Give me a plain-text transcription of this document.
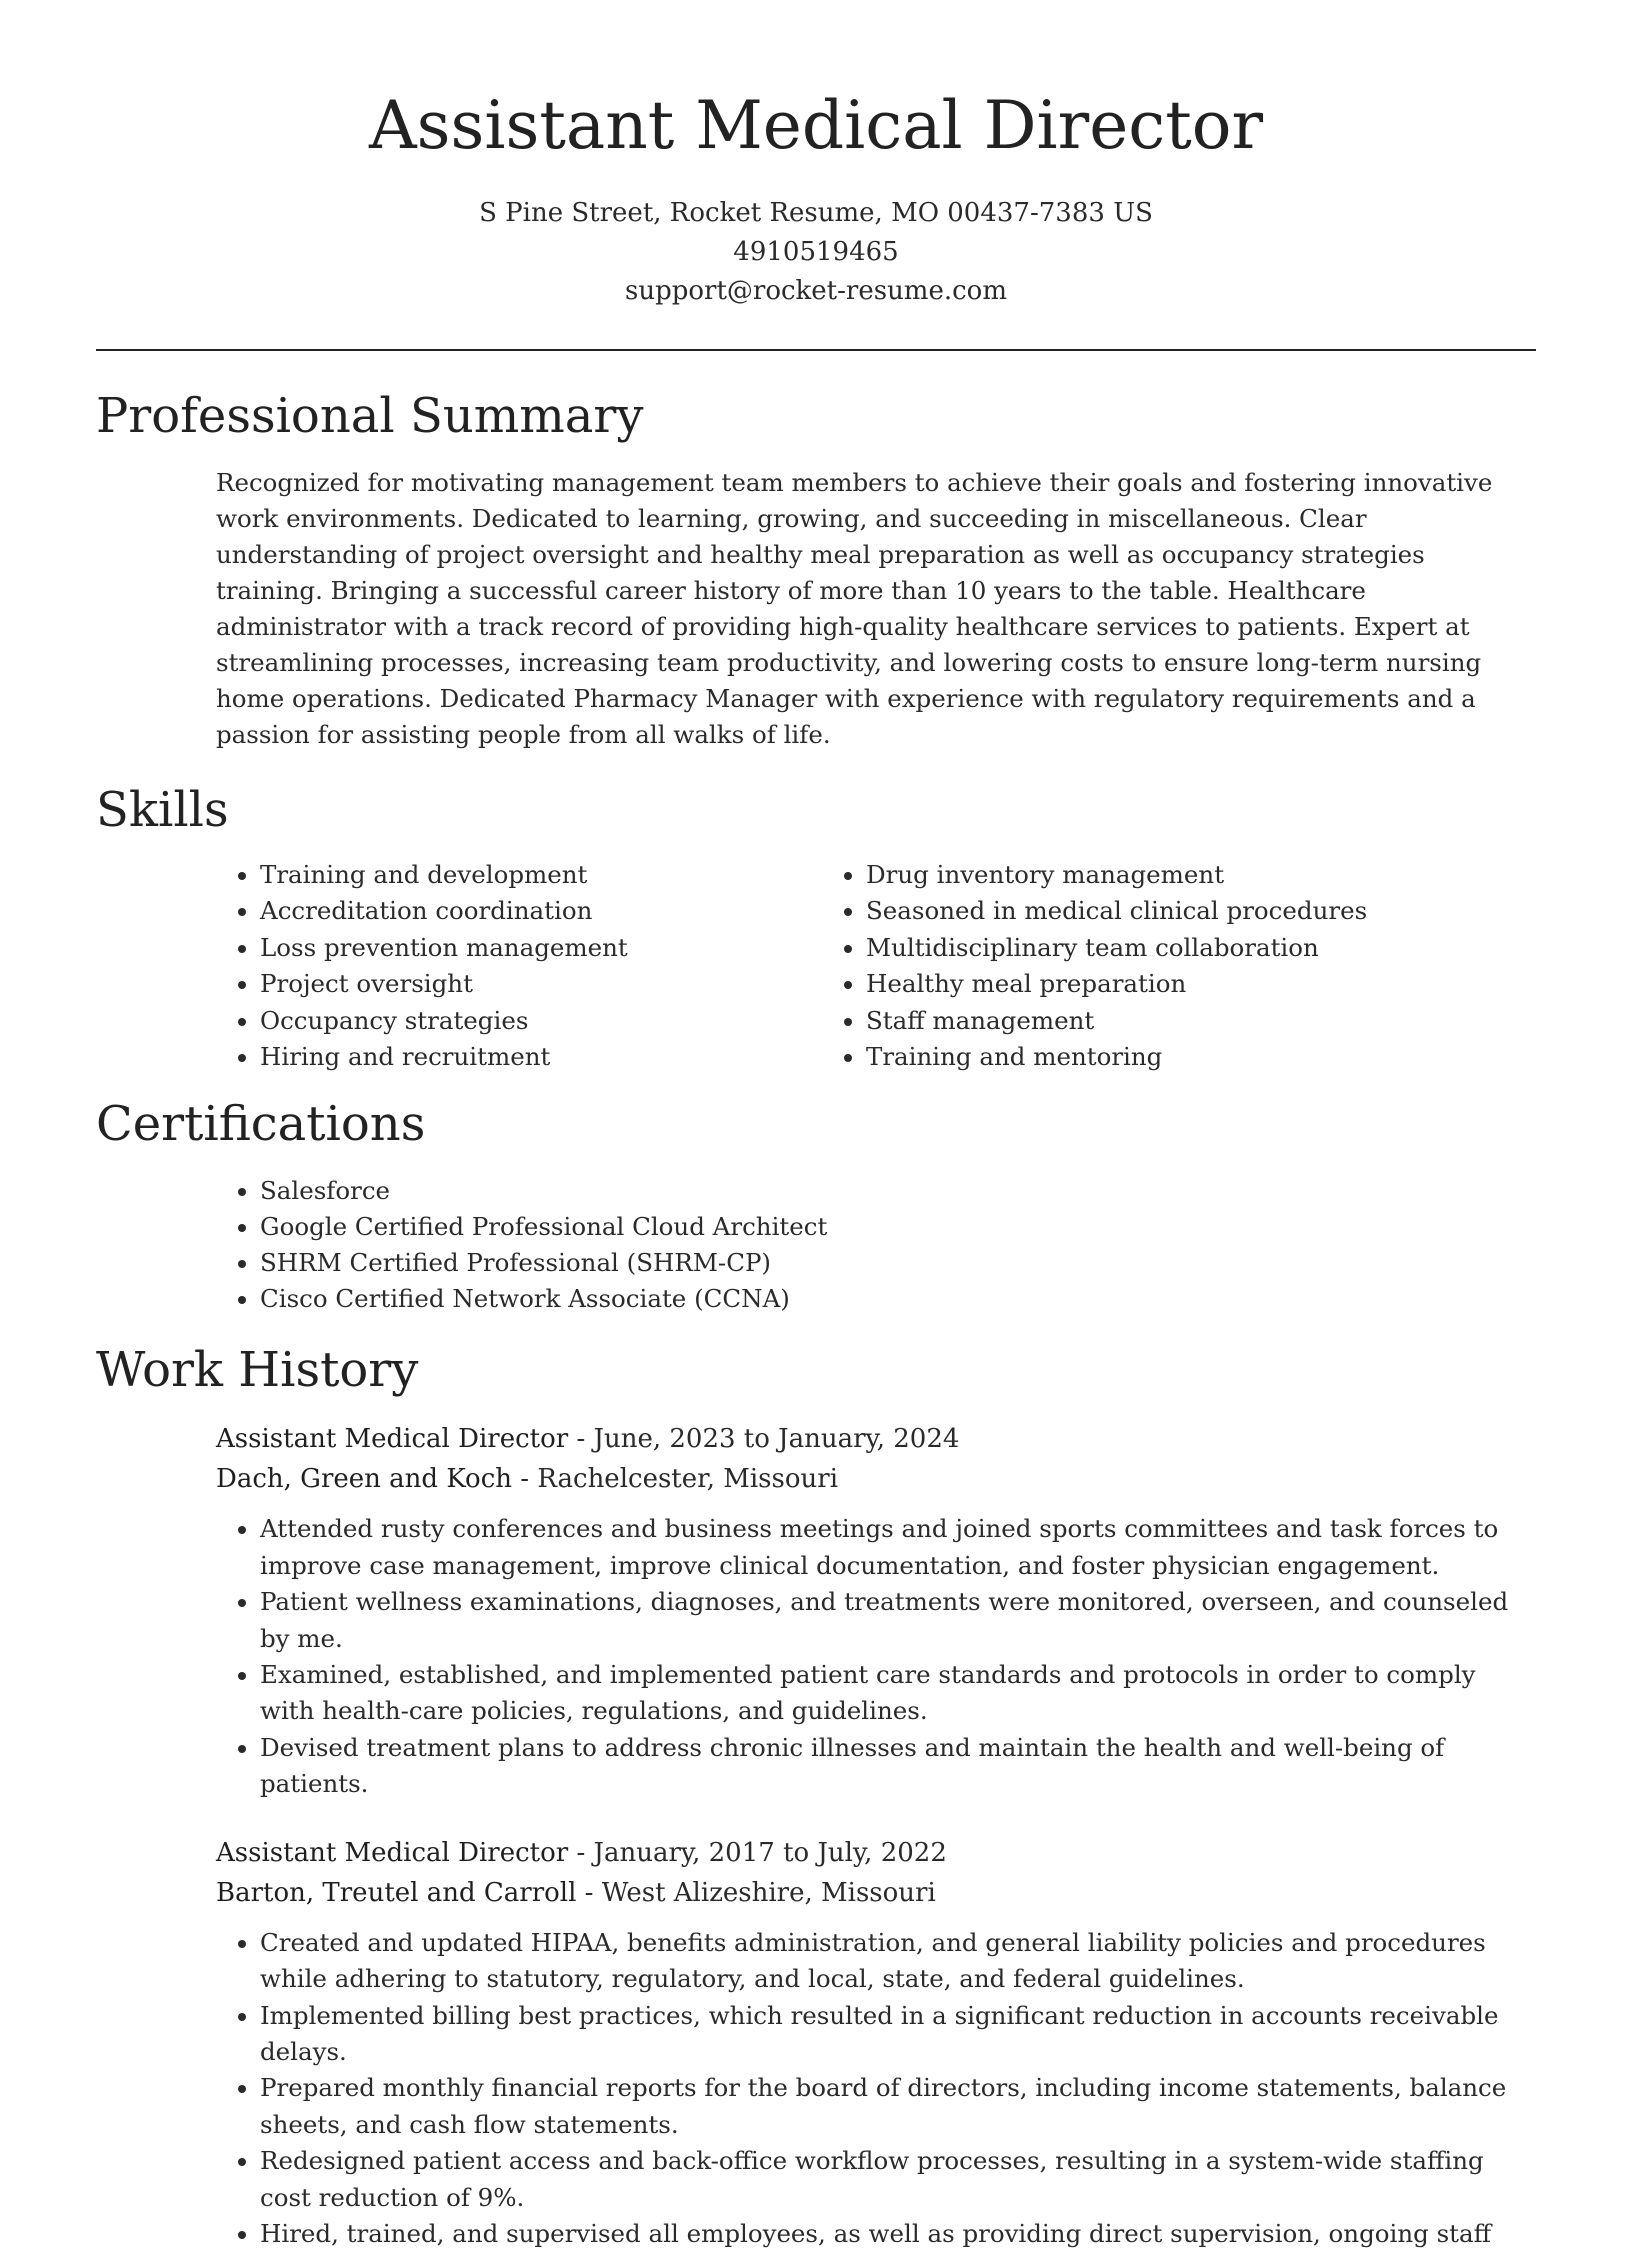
Assistant Medical Director

S Pine Street, Rocket Resume, MO 00437-7383 US

4910519465

support@rocket-resume.com

Professional Summary

Recognized for motivating management team members to achieve their goals and fostering innovative work environments. Dedicated to learning, growing, and succeeding in miscellaneous. Clear understanding of project oversight and healthy meal preparation as well as occupancy strategies training. Bringing a successful career history of more than 10 years to the table. Healthcare administrator with a track record of providing high-quality healthcare services to patients. Expert at streamlining processes, increasing team productivity, and lowering costs to ensure long-term nursing home operations. Dedicated Pharmacy Manager with experience with regulatory requirements and a passion for assisting people from all walks of life.

Skills
• Training and development
• Accreditation coordination
• Loss prevention management
• Project oversight
• Occupancy strategies
• Hiring and recruitment
• Drug inventory management
• Seasoned in medical clinical procedures
• Multidisciplinary team collaboration
• Healthy meal preparation
• Staff management
• Training and mentoring
Certifications
• Salesforce
• Google Certified Professional Cloud Architect
• SHRM Certified Professional (SHRM-CP)
• Cisco Certified Network Associate (CCNA)
Work History

Assistant Medical Director - June, 2023 to January, 2024

Dach, Green and Koch - Rachelcester, Missouri

• Attended rusty conferences and business meetings and joined sports committees and task forces to improve case management, improve clinical documentation, and foster physician engagement.
• Patient wellness examinations, diagnoses, and treatments were monitored, overseen, and counseled by me.
• Examined, established, and implemented patient care standards and protocols in order to comply with health-care policies, regulations, and guidelines.
• Devised treatment plans to address chronic illnesses and maintain the health and well-being of patients.

Assistant Medical Director - January, 2017 to July, 2022

Barton, Treutel and Carroll - West Alizeshire, Missouri

• Created and updated HIPAA, benefits administration, and general liability policies and procedures while adhering to statutory, regulatory, and local, state, and federal guidelines.
• Implemented billing best practices, which resulted in a significant reduction in accounts receivable delays.
• Prepared monthly financial reports for the board of directors, including income statements, balance sheets, and cash flow statements.
• Redesigned patient access and back-office workflow processes, resulting in a system-wide staffing cost reduction of 9%.
• Hired, trained, and supervised all employees, as well as providing direct supervision, ongoing staff
